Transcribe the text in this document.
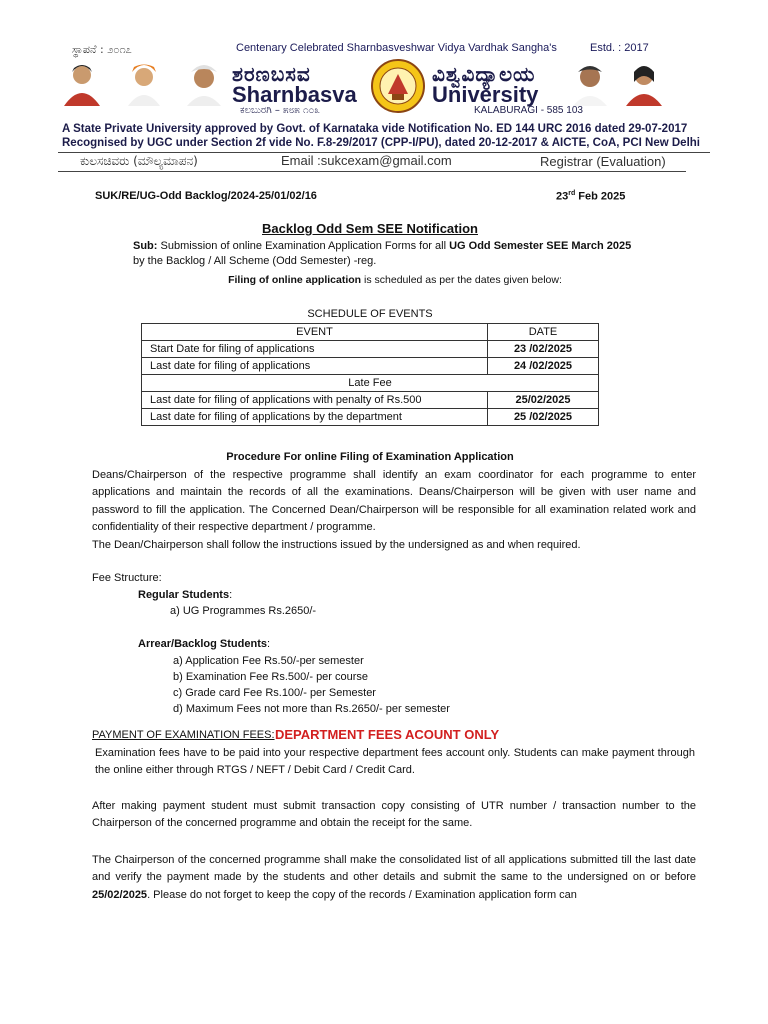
ಸ್ಥಾಪನೆ : ೨೦೧೭	Centenary Celebrated Sharnbasveshwar Vidya Vardhak Sangha's	Estd. : 2017
ಶರಣಬಸವ
Sharnbasva
ಕಲಬುರಗಿ – ೫೮೫ ೧೦೩
ವಿಶ್ವವಿದ್ಯಾಲಯ
University
KALABURAGI - 585 103
A State Private University approved by Govt. of Karnataka vide Notification No. ED 144 URC 2016 dated 29-07-2017
Recognised by UGC under Section 2f vide No. F.8-29/2017 (CPP-I/PU), dated 20-12-2017 & AICTE, CoA, PCI New Delhi
ಕುಲಸಚಿವರು (ಮೌಲ್ಯಮಾಪನ)	Email :sukcexam@gmail.com	Registrar (Evaluation)
SUK/RE/UG-Odd Backlog/2024-25/01/02/16	23rd Feb 2025
Backlog Odd Sem SEE Notification
Sub: Submission of online Examination Application Forms for all UG Odd Semester SEE March 2025
by the Backlog / All Scheme (Odd Semester) -reg.
Filing of online application is scheduled as per the dates given below:
SCHEDULE OF EVENTS
EVENT	DATE
Start Date for filing of applications	23 /02/2025
Last date for filing of applications	24 /02/2025
Late Fee	
Last date for filing of applications with penalty of Rs.500	25/02/2025
Last date for filing of applications by the department	25 /02/2025
Procedure For online Filing of Examination Application
Deans/Chairperson of the respective programme shall identify an exam coordinator for each programme to enter applications and maintain the records of all the examinations. Deans/Chairperson will be given with user name and password to fill the application. The Concerned Dean/Chairperson will be responsible for all examination related work and confidentiality of their respective department / programme.
The Dean/Chairperson shall follow the instructions issued by the undersigned as and when required.
Fee Structure:
Regular Students:
a) UG Programmes Rs.2650/-
Arrear/Backlog Students:
a) Application Fee Rs.50/-per semester
b) Examination Fee Rs.500/- per course
c) Grade card Fee Rs.100/- per Semester
d) Maximum Fees not more than Rs.2650/- per semester
PAYMENT OF EXAMINATION FEES: DEPARTMENT FEES ACOUNT ONLY
Examination fees have to be paid into your respective department fees account only. Students can make payment through the online either through RTGS / NEFT / Debit Card / Credit Card.
After making payment student must submit transaction copy consisting of UTR number / transaction number to the Chairperson of the concerned programme and obtain the receipt for the same.
The Chairperson of the concerned programme shall make the consolidated list of all applications submitted till the last date and verify the payment made by the students and other details and submit the same to the undersigned on or before 25/02/2025. Please do not forget to keep the copy of the records / Examination application form can
